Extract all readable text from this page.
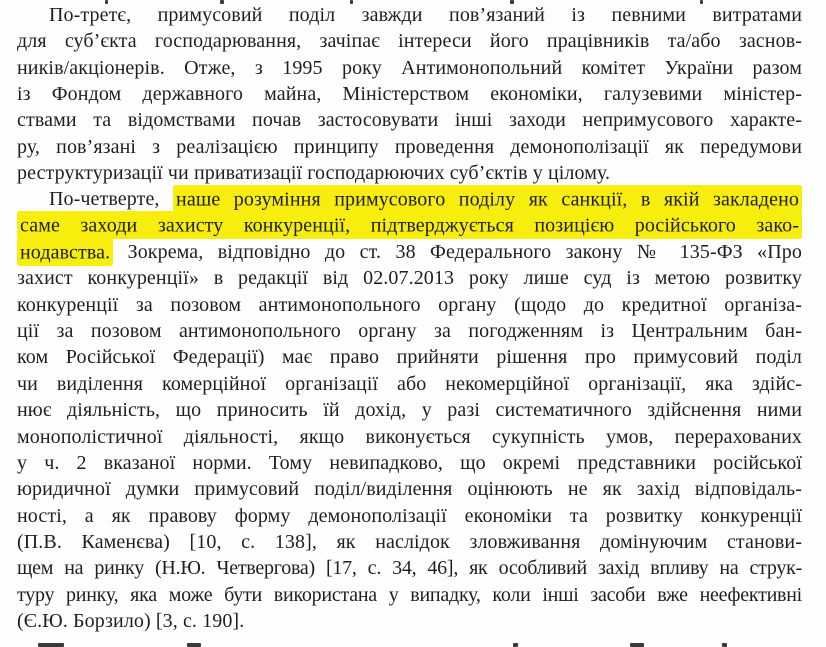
По-третє, примусовий поділ завжди пов’язаний із певними витратами
для суб’єкта господарювання, зачіпає інтереси його працівників та/або заснов-
ників/акціонерів. Отже, з 1995 року Антимонопольний комітет України разом
із Фондом державного майна, Міністерством економіки, галузевими міністер-
ствами та відомствами почав застосовувати інші заходи непримусового характе-
ру, пов’язані з реалізацією принципу проведення демонополізації як передумови
реструктуризації чи приватизації господарюючих суб’єктів у цілому.
По-четверте, наше розуміння примусового поділу як санкції, в якій закладено
саме заходи захисту конкуренції, підтверджується позицією російського зако-
нодавства. Зокрема, відповідно до ст. 38 Федерального закону № 135-ФЗ «Про
захист конкуренції» в редакції від 02.07.2013 року лише суд із метою розвитку
конкуренції за позовом антимонопольного органу (щодо до кредитної організа-
ції за позовом антимонопольного органу за погодженням із Центральним бан-
ком Російської Федерації) має право прийняти рішення про примусовий поділ
чи виділення комерційної організації або некомерційної організації, яка здійс-
нює діяльність, що приносить їй дохід, у разі систематичного здійснення ними
монополістичної діяльності, якщо виконується сукупність умов, перерахованих
у ч. 2 вказаної норми. Тому невипадково, що окремі представники російської
юридичної думки примусовий поділ/виділення оцінюють не як захід відповідаль-
ності, а як правову форму демонополізації економіки та розвитку конкуренції
(П.В. Каменєва) [10, с. 138], як наслідок зловживання домінуючим станови-
щем на ринку (Н.Ю. Четвергова) [17, с. 34, 46], як особливий захід впливу на струк-
туру ринку, яка може бути використана у випадку, коли інші засоби вже неефективні
(Є.Ю. Борзило) [3, с. 190].
